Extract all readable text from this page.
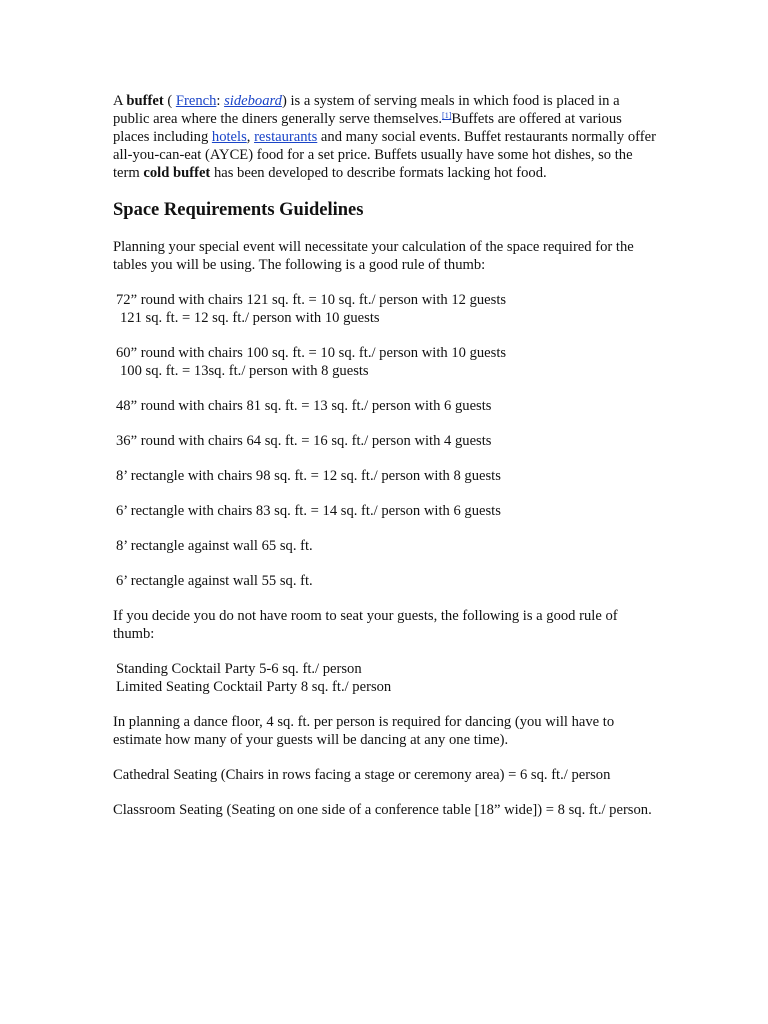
A buffet ( French: sideboard) is a system of serving meals in which food is placed in a public area where the diners generally serve themselves.[1]Buffets are offered at various places including hotels, restaurants and many social events. Buffet restaurants normally offer all-you-can-eat (AYCE) food for a set price. Buffets usually have some hot dishes, so the term cold buffet has been developed to describe formats lacking hot food.

Space Requirements Guidelines

Planning your special event will necessitate your calculation of the space required for the tables you will be using. The following is a good rule of thumb:

72” round with chairs 121 sq. ft. = 10 sq. ft./ person with 12 guests
121 sq. ft. = 12 sq. ft./ person with 10 guests
60” round with chairs 100 sq. ft. = 10 sq. ft./ person with 10 guests
100 sq. ft. = 13sq. ft./ person with 8 guests
48” round with chairs 81 sq. ft. = 13 sq. ft./ person with 6 guests
36” round with chairs 64 sq. ft. = 16 sq. ft./ person with 4 guests
8’ rectangle with chairs 98 sq. ft. = 12 sq. ft./ person with 8 guests
6’ rectangle with chairs 83 sq. ft. = 14 sq. ft./ person with 6 guests
8’ rectangle against wall 65 sq. ft.
6’ rectangle against wall 55 sq. ft.

If you decide you do not have room to seat your guests, the following is a good rule of thumb:

Standing Cocktail Party 5-6 sq. ft./ person
Limited Seating Cocktail Party 8 sq. ft./ person

In planning a dance floor, 4 sq. ft. per person is required for dancing (you will have to estimate how many of your guests will be dancing at any one time).

Cathedral Seating (Chairs in rows facing a stage or ceremony area) = 6 sq. ft./ person

Classroom Seating (Seating on one side of a conference table [18” wide]) = 8 sq. ft./ person.
